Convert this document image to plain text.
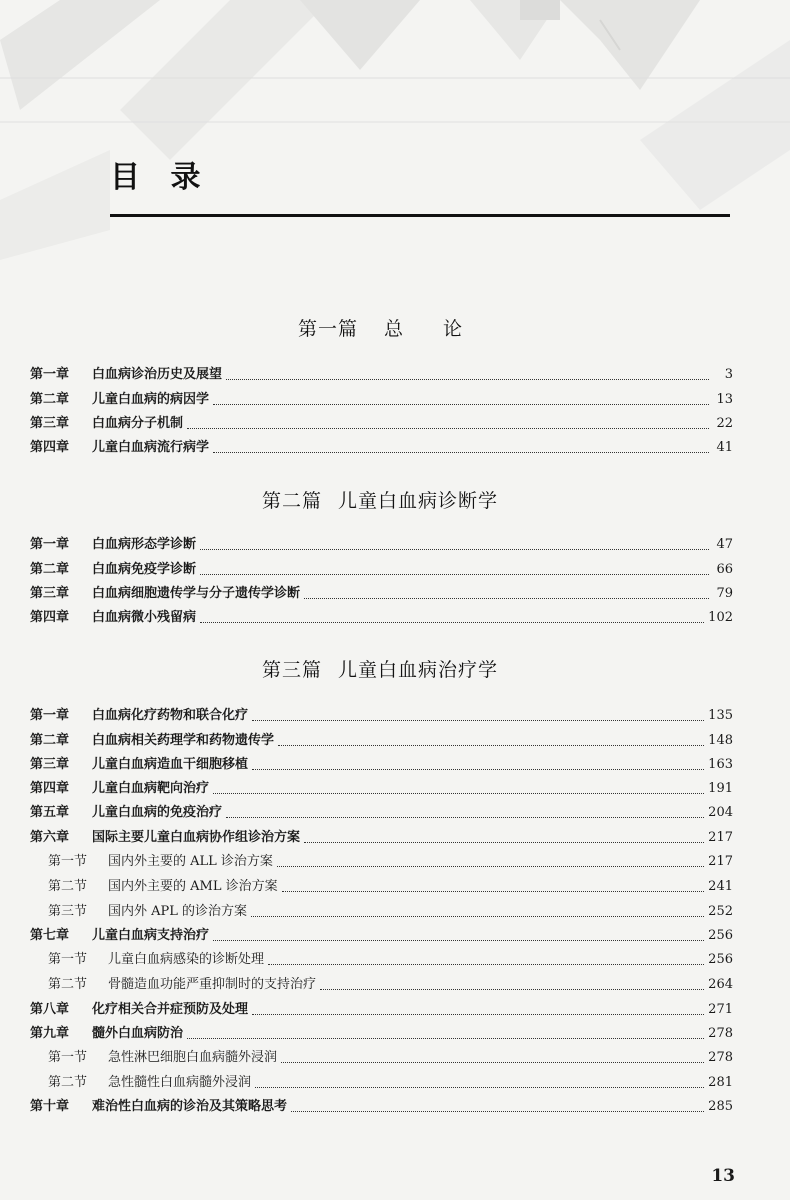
目 录
第一篇 总论
第一章	白血病诊治历史及展望	3
第二章	儿童白血病的病因学	13
第三章	白血病分子机制	22
第四章	儿童白血病流行病学	41
第二篇 儿童白血病诊断学
第一章	白血病形态学诊断	47
第二章	白血病免疫学诊断	66
第三章	白血病细胞遗传学与分子遗传学诊断	79
第四章	白血病微小残留病	102
第三篇 儿童白血病治疗学
第一章	白血病化疗药物和联合化疗	135
第二章	白血病相关药理学和药物遗传学	148
第三章	儿童白血病造血干细胞移植	163
第四章	儿童白血病靶向治疗	191
第五章	儿童白血病的免疫治疗	204
第六章	国际主要儿童白血病协作组诊治方案	217
第一节	国内外主要的 ALL 诊治方案	217
第二节	国内外主要的 AML 诊治方案	241
第三节	国内外 APL 的诊治方案	252
第七章	儿童白血病支持治疗	256
第一节	儿童白血病感染的诊断处理	256
第二节	骨髓造血功能严重抑制时的支持治疗	264
第八章	化疗相关合并症预防及处理	271
第九章	髓外白血病防治	278
第一节	急性淋巴细胞白血病髓外浸润	278
第二节	急性髓性白血病髓外浸润	281
第十章	难治性白血病的诊治及其策略思考	285
13
